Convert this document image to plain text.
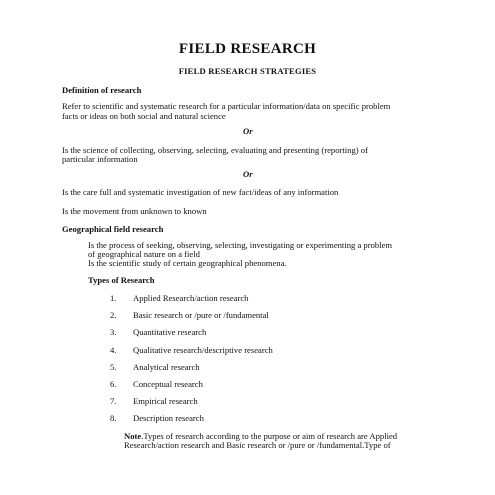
FIELD RESEARCH
FIELD RESEARCH STRATEGIES
Definition of research
Refer to scientific and systematic research for a particular information/data on specific problem
facts or ideas on both social and natural science
Or
Is the science of collecting, observing, selecting, evaluating and presenting (reporting) of
particular information
Or
Is the care full and systematic investigation of new fact/ideas of any information
Is the movement from unknown to known
Geographical field research
Is the process of seeking, observing, selecting, investigating or experimenting a problem
of geographical nature on a field
Is the scientific study of certain geographical phenomena.
Types of Research
1.	Applied Research/action research
2.	Basic research or /pure or /fundamental
3.	Quantitative research
4.	Qualitative research/descriptive research
5.	Analytical research
6.	Conceptual research
7.	Empirical research
8.	Description research
Note.Types of research according to the purpose or aim of research are Applied
Research/action research and Basic research or /pure or /fundamental.Type of
